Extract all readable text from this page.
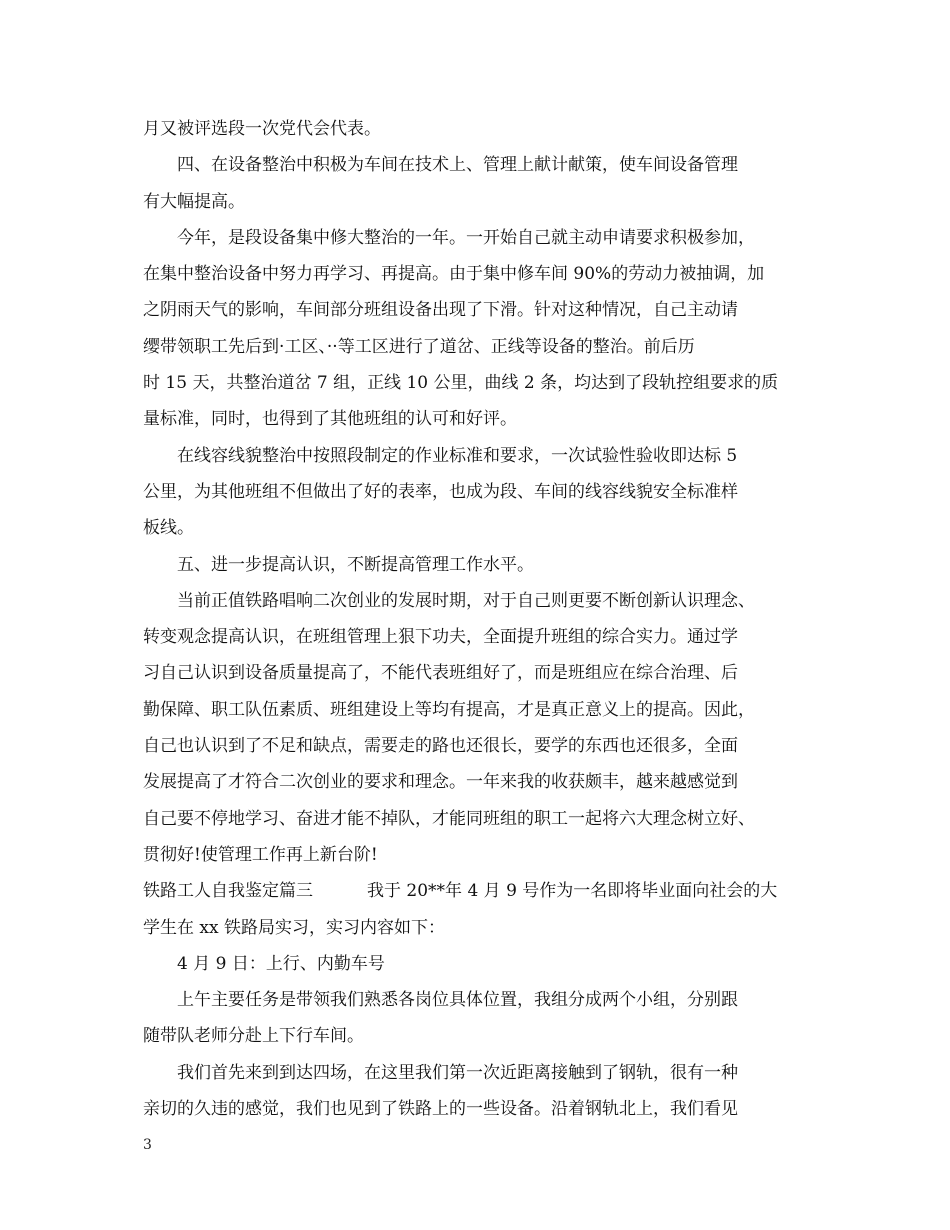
月又被评选段一次党代会代表。

四、在设备整治中积极为车间在技术上、管理上献计献策，使车间设备管理

有大幅提高。

今年，是段设备集中修大整治的一年。一开始自己就主动申请要求积极参加，

在集中整治设备中努力再学习、再提高。由于集中修车间 90%的劳动力被抽调，加

之阴雨天气的影响，车间部分班组设备出现了下滑。针对这种情况，自己主动请

缨带领职工先后到·工区、··等工区进行了道岔、正线等设备的整治。前后历

时 15 天，共整治道岔 7 组，正线 10 公里，曲线 2 条，均达到了段轨控组要求的质

量标准，同时，也得到了其他班组的认可和好评。

在线容线貌整治中按照段制定的作业标准和要求，一次试验性验收即达标 5

公里，为其他班组不但做出了好的表率，也成为段、车间的线容线貌安全标准样

板线。

五、进一步提高认识，不断提高管理工作水平。

当前正值铁路唱响二次创业的发展时期，对于自己则更要不断创新认识理念、

转变观念提高认识，在班组管理上狠下功夫，全面提升班组的综合实力。通过学

习自己认识到设备质量提高了，不能代表班组好了，而是班组应在综合治理、后

勤保障、职工队伍素质、班组建设上等均有提高，才是真正意义上的提高。因此，

自己也认识到了不足和缺点，需要走的路也还很长，要学的东西也还很多，全面

发展提高了才符合二次创业的要求和理念。一年来我的收获颇丰，越来越感觉到

自己要不停地学习、奋进才能不掉队，才能同班组的职工一起将六大理念树立好、

贯彻好!使管理工作再上新台阶!

铁路工人自我鉴定篇三	我于 20**年 4 月 9 号作为一名即将毕业面向社会的大

学生在 xx 铁路局实习，实习内容如下：

4 月 9 日：上行、内勤车号

上午主要任务是带领我们熟悉各岗位具体位置，我组分成两个小组，分别跟

随带队老师分赴上下行车间。

我们首先来到到达四场，在这里我们第一次近距离接触到了钢轨，很有一种

亲切的久违的感觉，我们也见到了铁路上的一些设备。沿着钢轨北上，我们看见

3
